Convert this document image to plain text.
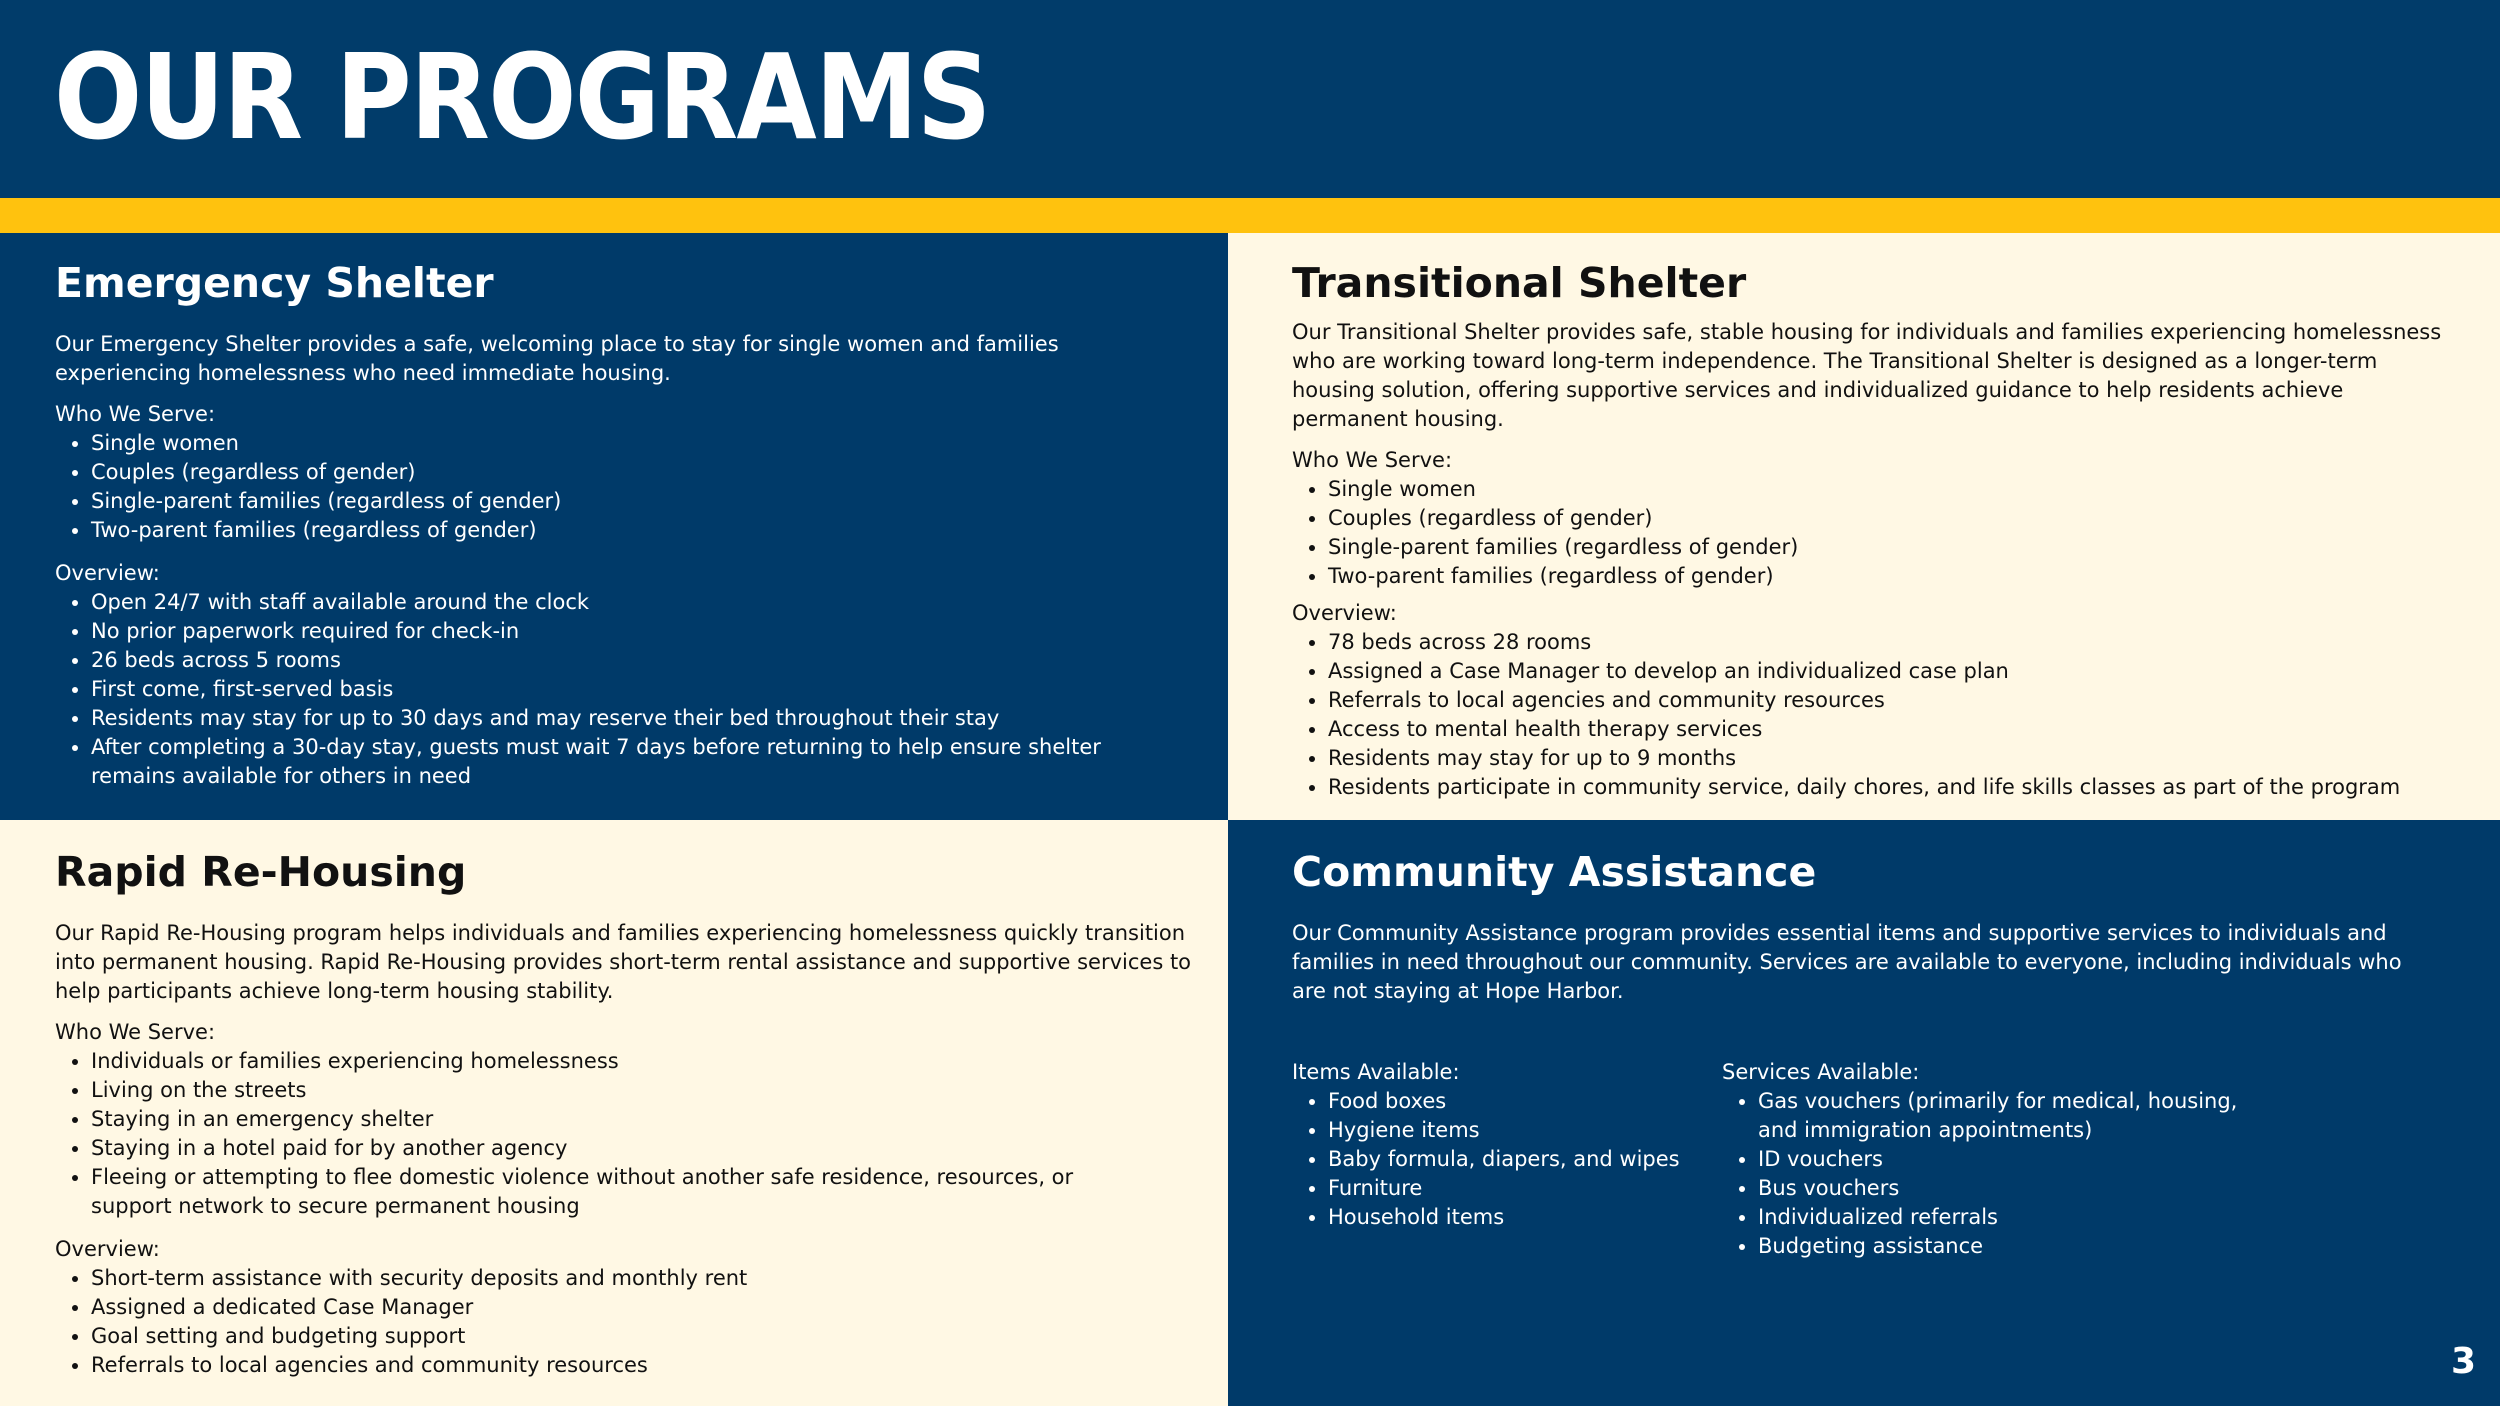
OUR PROGRAMS
Emergency Shelter

Our Emergency Shelter provides a safe, welcoming place to stay for single women and families experiencing homelessness who need immediate housing.

Who We Serve:
• Single women
• Couples (regardless of gender)
• Single-parent families (regardless of gender)
• Two-parent families (regardless of gender)
Overview:
• Open 24/7 with staff available around the clock
• No prior paperwork required for check-in
• 26 beds across 5 rooms
• First come, first-served basis
• Residents may stay for up to 30 days and may reserve their bed throughout their stay
• After completing a 30-day stay, guests must wait 7 days before returning to help ensure shelter remains available for others in need
Transitional Shelter

Our Transitional Shelter provides safe, stable housing for individuals and families experiencing homelessness who are working toward long-term independence. The Transitional Shelter is designed as a longer-term housing solution, offering supportive services and individualized guidance to help residents achieve permanent housing.

Who We Serve:
• Single women
• Couples (regardless of gender)
• Single-parent families (regardless of gender)
• Two-parent families (regardless of gender)
Overview:
• 78 beds across 28 rooms
• Assigned a Case Manager to develop an individualized case plan
• Referrals to local agencies and community resources
• Access to mental health therapy services
• Residents may stay for up to 9 months
• Residents participate in community service, daily chores, and life skills classes as part of the program
Rapid Re-Housing

Our Rapid Re-Housing program helps individuals and families experiencing homelessness quickly transition into permanent housing. Rapid Re-Housing provides short-term rental assistance and supportive services to help participants achieve long-term housing stability.

Who We Serve:
• Individuals or families experiencing homelessness
• Living on the streets
• Staying in an emergency shelter
• Staying in a hotel paid for by another agency
• Fleeing or attempting to flee domestic violence without another safe residence, resources, or support network to secure permanent housing
Overview:
• Short-term assistance with security deposits and monthly rent
• Assigned a dedicated Case Manager
• Goal setting and budgeting support
• Referrals to local agencies and community resources
Community Assistance

Our Community Assistance program provides essential items and supportive services to individuals and families in need throughout our community. Services are available to everyone, including individuals who are not staying at Hope Harbor.

Items Available:
• Food boxes
• Hygiene items
• Baby formula, diapers, and wipes
• Furniture
• Household items
Services Available:
• Gas vouchers (primarily for medical, housing, and immigration appointments)
• ID vouchers
• Bus vouchers
• Individualized referrals
• Budgeting assistance
3
